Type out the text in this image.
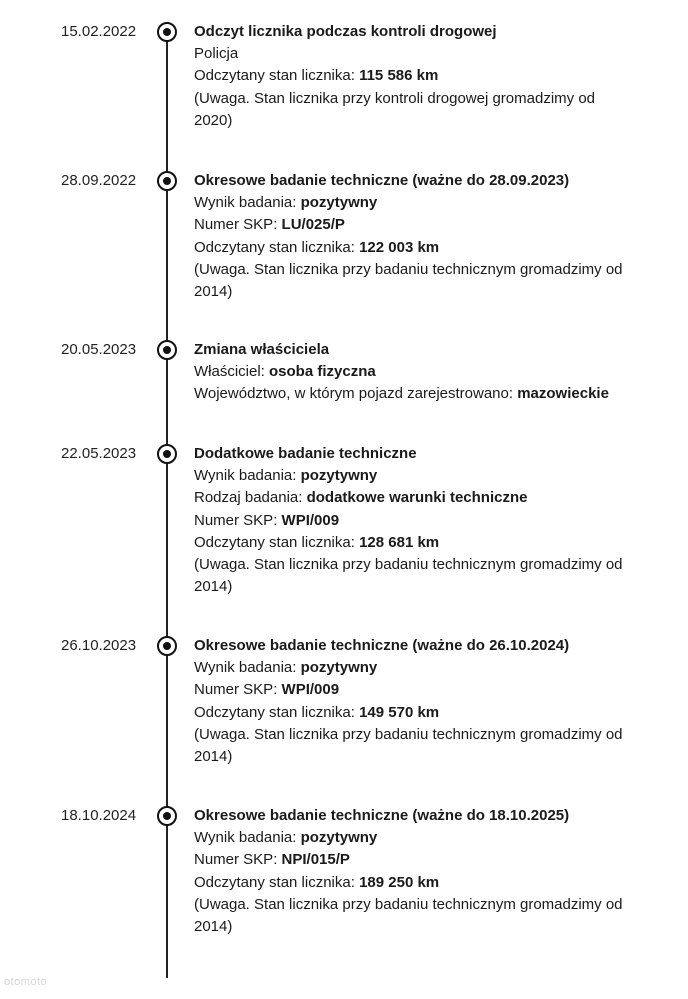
15.02.2022	Odczyt licznika podczas kontroli drogowej
Policja
Odczytany stan licznika: 115 586 km
(Uwaga. Stan licznika przy kontroli drogowej gromadzimy od 2020)
28.09.2022	Okresowe badanie techniczne (ważne do 28.09.2023)
Wynik badania: pozytywny
Numer SKP: LU/025/P
Odczytany stan licznika: 122 003 km
(Uwaga. Stan licznika przy badaniu technicznym gromadzimy od 2014)
20.05.2023	Zmiana właściciela
Właściciel: osoba fizyczna
Województwo, w którym pojazd zarejestrowano: mazowieckie
22.05.2023	Dodatkowe badanie techniczne
Wynik badania: pozytywny
Rodzaj badania: dodatkowe warunki techniczne
Numer SKP: WPI/009
Odczytany stan licznika: 128 681 km
(Uwaga. Stan licznika przy badaniu technicznym gromadzimy od 2014)
26.10.2023	Okresowe badanie techniczne (ważne do 26.10.2024)
Wynik badania: pozytywny
Numer SKP: WPI/009
Odczytany stan licznika: 149 570 km
(Uwaga. Stan licznika przy badaniu technicznym gromadzimy od 2014)
18.10.2024	Okresowe badanie techniczne (ważne do 18.10.2025)
Wynik badania: pozytywny
Numer SKP: NPI/015/P
Odczytany stan licznika: 189 250 km
(Uwaga. Stan licznika przy badaniu technicznym gromadzimy od 2014)
otomoto
